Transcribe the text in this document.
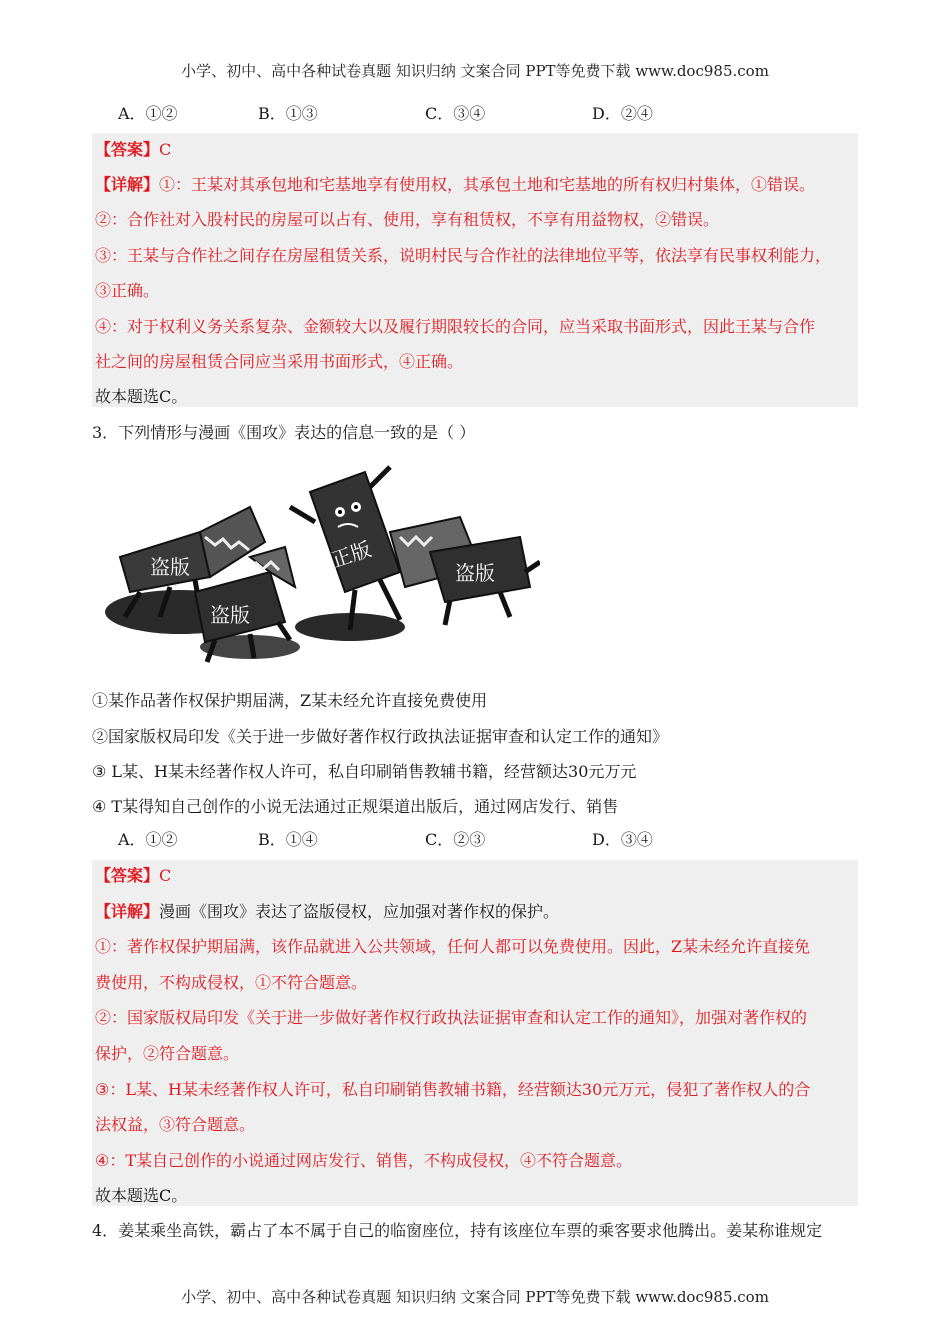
小学、初中、高中各种试卷真题 知识归纳 文案合同 PPT等免费下载 www.doc985.com
A．①②	B．①③	C．③④	D．②④
【答案】C
【详解】①：王某对其承包地和宅基地享有使用权，其承包土地和宅基地的所有权归村集体，①错误。
②：合作社对入股村民的房屋可以占有、使用，享有租赁权，不享有用益物权，②错误。
③：王某与合作社之间存在房屋租赁关系，说明村民与合作社的法律地位平等，依法享有民事权利能力，
③正确。
④：对于权利义务关系复杂、金额较大以及履行期限较长的合同，应当采取书面形式，因此王某与合作
社之间的房屋租赁合同应当采用书面形式，④正确。
故本题选C。
3．下列情形与漫画《围攻》表达的信息一致的是（ ）
盗版
盗版
正版
盗版
①某作品著作权保护期届满，Z某未经允许直接免费使用
②国家版权局印发《关于进一步做好著作权行政执法证据审查和认定工作的通知》
③ L某、H某未经著作权人许可，私自印刷销售教辅书籍，经营额达30元万元
④ T某得知自己创作的小说无法通过正规渠道出版后，通过网店发行、销售
A．①②	B．①④	C．②③	D．③④
【答案】C
【详解】漫画《围攻》表达了盗版侵权，应加强对著作权的保护。
①：著作权保护期届满，该作品就进入公共领域，任何人都可以免费使用。因此，Z某未经允许直接免
费使用，不构成侵权，①不符合题意。
②：国家版权局印发《关于进一步做好著作权行政执法证据审查和认定工作的通知》，加强对著作权的
保护，②符合题意。
③：L某、H某未经著作权人许可，私自印刷销售教辅书籍，经营额达30元万元，侵犯了著作权人的合
法权益，③符合题意。
④：T某自己创作的小说通过网店发行、销售，不构成侵权，④不符合题意。
故本题选C。
4．姜某乘坐高铁，霸占了本不属于自己的临窗座位，持有该座位车票的乘客要求他腾出。姜某称谁规定
小学、初中、高中各种试卷真题 知识归纳 文案合同 PPT等免费下载 www.doc985.com
